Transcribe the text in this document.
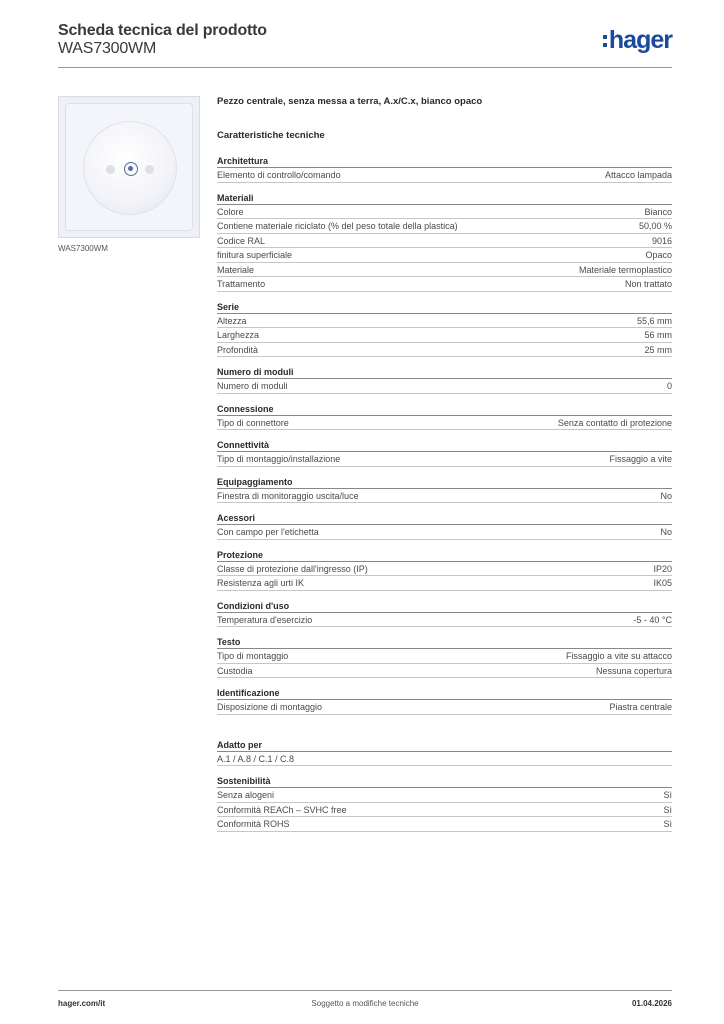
Scheda tecnica del prodotto
WAS7300WM	hager
WAS7300WM
Pezzo centrale, senza messa a terra, A.x/C.x, bianco opaco
Caratteristiche tecniche
Architettura
Elemento di controllo/comando	Attacco lampada
Materiali
Colore	Bianco
Contiene materiale riciclato (% del peso totale della plastica)	50,00 %
Codice RAL	9016
finitura superficiale	Opaco
Materiale	Materiale termoplastico
Trattamento	Non trattato
Serie
Altezza	55,6 mm
Larghezza	56 mm
Profondità	25 mm
Numero di moduli
Numero di moduli	0
Connessione
Tipo di connettore	Senza contatto di protezione
Connettività
Tipo di montaggio/installazione	Fissaggio a vite
Equipaggiamento
Finestra di monitoraggio uscita/luce	No
Acessori
Con campo per l'etichetta	No
Protezione
Classe di protezione dall'ingresso (IP)	IP20
Resistenza agli urti IK	IK05
Condizioni d'uso
Temperatura d'esercizio	-5 - 40 °C
Testo
Tipo di montaggio	Fissaggio a vite su attacco
Custodia	Nessuna copertura
Identificazione
Disposizione di montaggio	Piastra centrale
Adatto per
A.1 / A.8 / C.1 / C.8
Sostenibilità
Senza alogeni	Sì
Conformità REACh – SVHC free	Sì
Conformità ROHS	Sì
hager.com/it	Soggetto a modifiche tecniche	01.04.2026
